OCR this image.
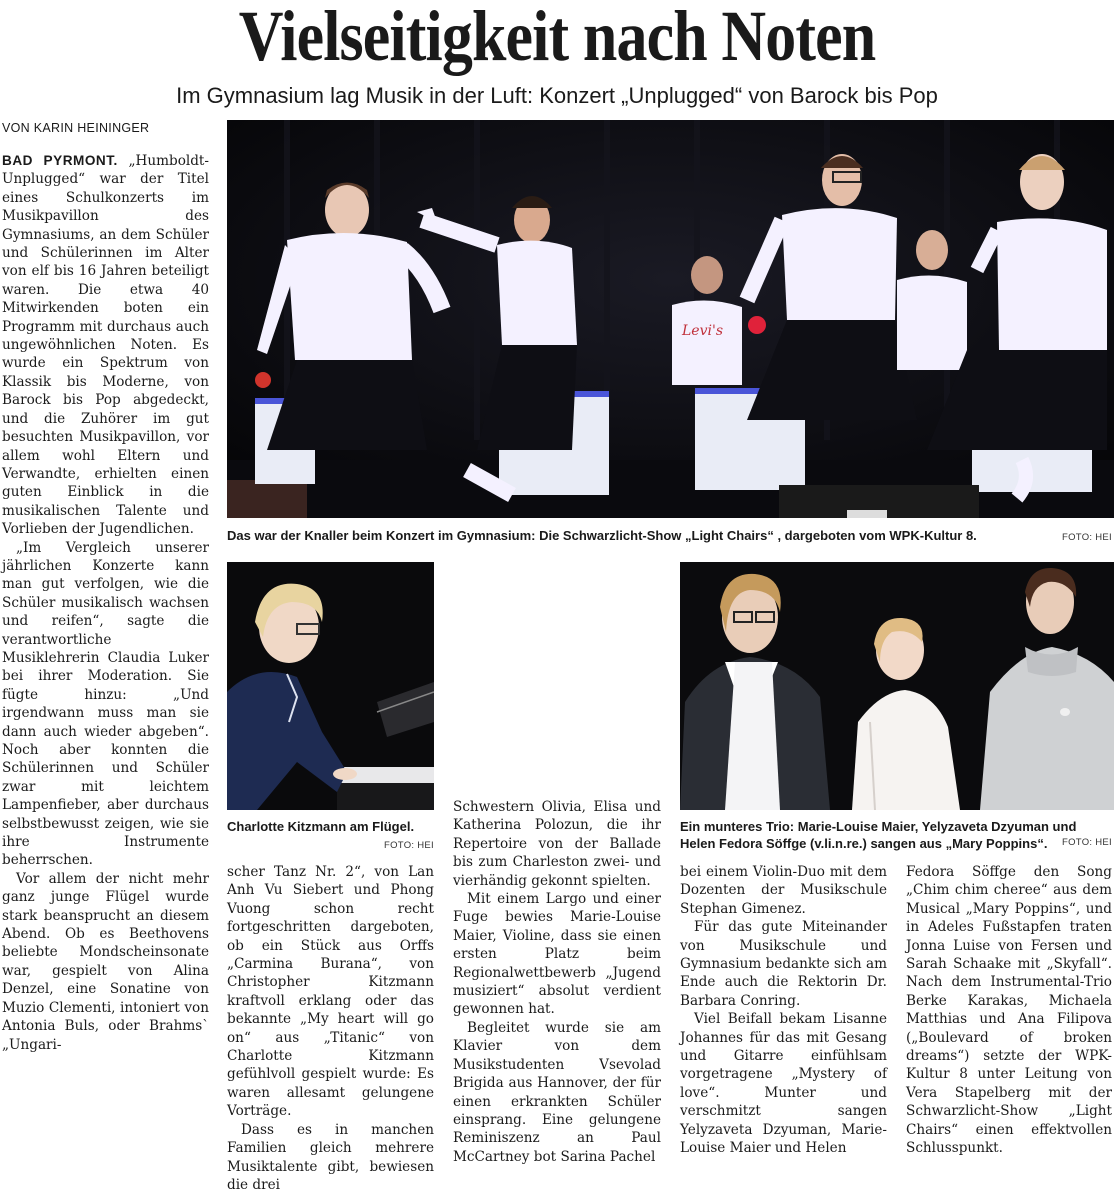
Vielseitigkeit nach Noten
Im Gymnasium lag Musik in der Luft: Konzert „Unplugged“ von Barock bis Pop
VON KARIN HEININGER

BAD PYRMONT. „Humboldt-Unplugged“ war der Titel eines Schulkonzerts im Musikpavillon des Gymnasiums, an dem Schüler und Schülerinnen im Alter von elf bis 16 Jahren beteiligt waren. Die etwa 40 Mitwirkenden boten ein Programm mit durchaus auch ungewöhnlichen Noten. Es wurde ein Spektrum von Klassik bis Moderne, von Barock bis Pop abgedeckt, und die Zuhörer im gut besuchten Musikpavillon, vor allem wohl Eltern und Verwandte, erhielten einen guten Einblick in die musikalischen Talente und Vorlieben der Jugendlichen.

„Im Vergleich unserer jährlichen Konzerte kann man gut verfolgen, wie die Schüler musikalisch wachsen und reifen“, sagte die verantwortliche Musiklehrerin Claudia Luker bei ihrer Moderation. Sie fügte hinzu: „Und irgendwann muss man sie dann auch wieder abgeben“. Noch aber konnten die Schülerinnen und Schüler zwar mit leichtem Lampenfieber, aber durchaus selbstbewusst zeigen, wie sie ihre Instrumente beherrschen.

Vor allem der nicht mehr ganz junge Flügel wurde stark beansprucht an diesem Abend. Ob es Beethovens beliebte Mondscheinsonate war, gespielt von Alina Denzel, eine Sonatine von Muzio Clementi, intoniert von Antonia Buls, oder Brahms` „Ungari-

Levi's
Das war der Knaller beim Konzert im Gymnasium: Die Schwarzlicht-Show „Light Chairs“ , dargeboten vom WPK-Kultur 8.	FOTO: HEI
Charlotte Kitzmann am Flügel.
FOTO: HEI
Ein munteres Trio: Marie-Louise Maier, Yelyzaveta Dzyuman und Helen Fedora Söffge (v.li.n.re.) sangen aus „Mary Poppins“. FOTO: HEI

scher Tanz Nr. 2“, von Lan Anh Vu Siebert und Phong Vuong schon recht fortgeschritten dargeboten, ob ein Stück aus Orffs „Carmina Burana“, von Christopher Kitzmann kraftvoll erklang oder das bekannte „My heart will go on“ aus „Titanic“ von Charlotte Kitzmann gefühlvoll gespielt wurde: Es waren allesamt gelungene Vorträge.

Dass es in manchen Familien gleich mehrere Musiktalente gibt, bewiesen die drei

Schwestern Olivia, Elisa und Katherina Polozun, die ihr Repertoire von der Ballade bis zum Charleston zwei- und vierhändig gekonnt spielten.

Mit einem Largo und einer Fuge bewies Marie-Louise Maier, Violine, dass sie einen ersten Platz beim Regionalwettbewerb „Jugend musiziert“ absolut verdient gewonnen hat.

Begleitet wurde sie am Klavier von dem Musikstudenten Vsevolad Brigida aus Hannover, der für einen erkrankten Schüler einsprang. Eine gelungene Reminiszenz an Paul McCartney bot Sarina Pachel

bei einem Violin-Duo mit dem Dozenten der Musikschule Stephan Gimenez.

Für das gute Miteinander von Musikschule und Gymnasium bedankte sich am Ende auch die Rektorin Dr. Barbara Conring.

Viel Beifall bekam Lisanne Johannes für das mit Gesang und Gitarre einfühlsam vorgetragene „Mystery of love“. Munter und verschmitzt sangen Yelyzaveta Dzyuman, Marie-Louise Maier und Helen

Fedora Söffge den Song „Chim chim cheree“ aus dem Musical „Mary Poppins“, und in Adeles Fußstapfen traten Jonna Luise von Fersen und Sarah Schaake mit „Skyfall“. Nach dem Instrumental-Trio Berke Karakas, Michaela Matthias und Ana Filipova („Boulevard of broken dreams“) setzte der WPK-Kultur 8 unter Leitung von Vera Stapelberg mit der Schwarzlicht-Show „Light Chairs“ einen effektvollen Schlusspunkt.
